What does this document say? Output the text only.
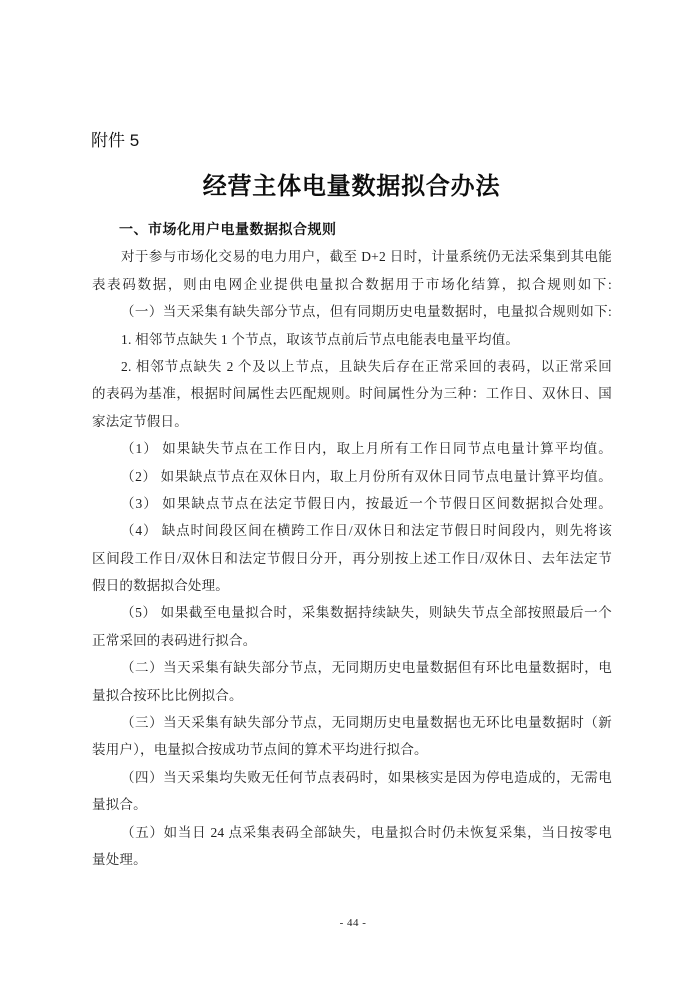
附件 5
经营主体电量数据拟合办法
一、市场化用户电量数据拟合规则
对于参与市场化交易的电力用户，截至 D+2 日时，计量系统仍无法采集到其电能
表表码数据，则由电网企业提供电量拟合数据用于市场化结算，拟合规则如下:
（一）当天采集有缺失部分节点，但有同期历史电量数据时，电量拟合规则如下:
1. 相邻节点缺失 1 个节点，取该节点前后节点电能表电量平均值。
2. 相邻节点缺失 2 个及以上节点，且缺失后存在正常采回的表码，以正常采回
的表码为基准，根据时间属性去匹配规则。时间属性分为三种：工作日、双休日、国
家法定节假日。
（1） 如果缺失节点在工作日内，取上月所有工作日同节点电量计算平均值。
（2） 如果缺点节点在双休日内，取上月份所有双休日同节点电量计算平均值。
（3） 如果缺点节点在法定节假日内，按最近一个节假日区间数据拟合处理。
（4） 缺点时间段区间在横跨工作日/双休日和法定节假日时间段内，则先将该
区间段工作日/双休日和法定节假日分开，再分别按上述工作日/双休日、去年法定节
假日的数据拟合处理。
（5） 如果截至电量拟合时，采集数据持续缺失，则缺失节点全部按照最后一个
正常采回的表码进行拟合。
（二）当天采集有缺失部分节点，无同期历史电量数据但有环比电量数据时，电
量拟合按环比比例拟合。
（三）当天采集有缺失部分节点，无同期历史电量数据也无环比电量数据时（新
装用户），电量拟合按成功节点间的算术平均进行拟合。
（四）当天采集均失败无任何节点表码时，如果核实是因为停电造成的，无需电
量拟合。
（五）如当日 24 点采集表码全部缺失，电量拟合时仍未恢复采集，当日按零电
量处理。
- 44 -
